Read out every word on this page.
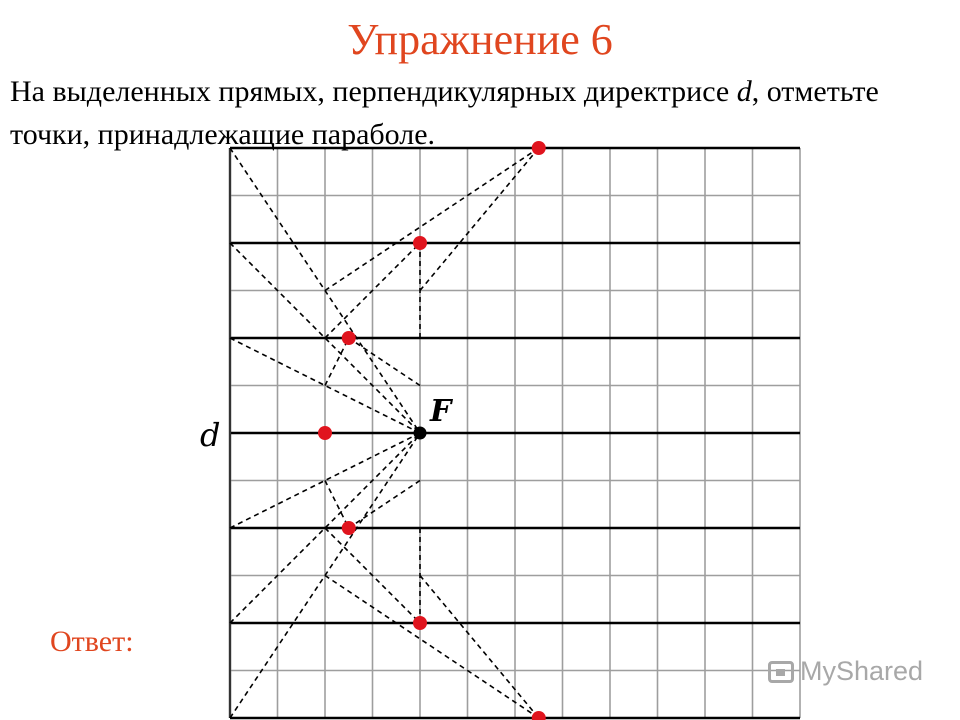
Упражнение 6
На выделенных прямых, перпендикулярных директрисе d, отметьте точки, принадлежащие параболе.
F
d
Ответ:
MyShared
